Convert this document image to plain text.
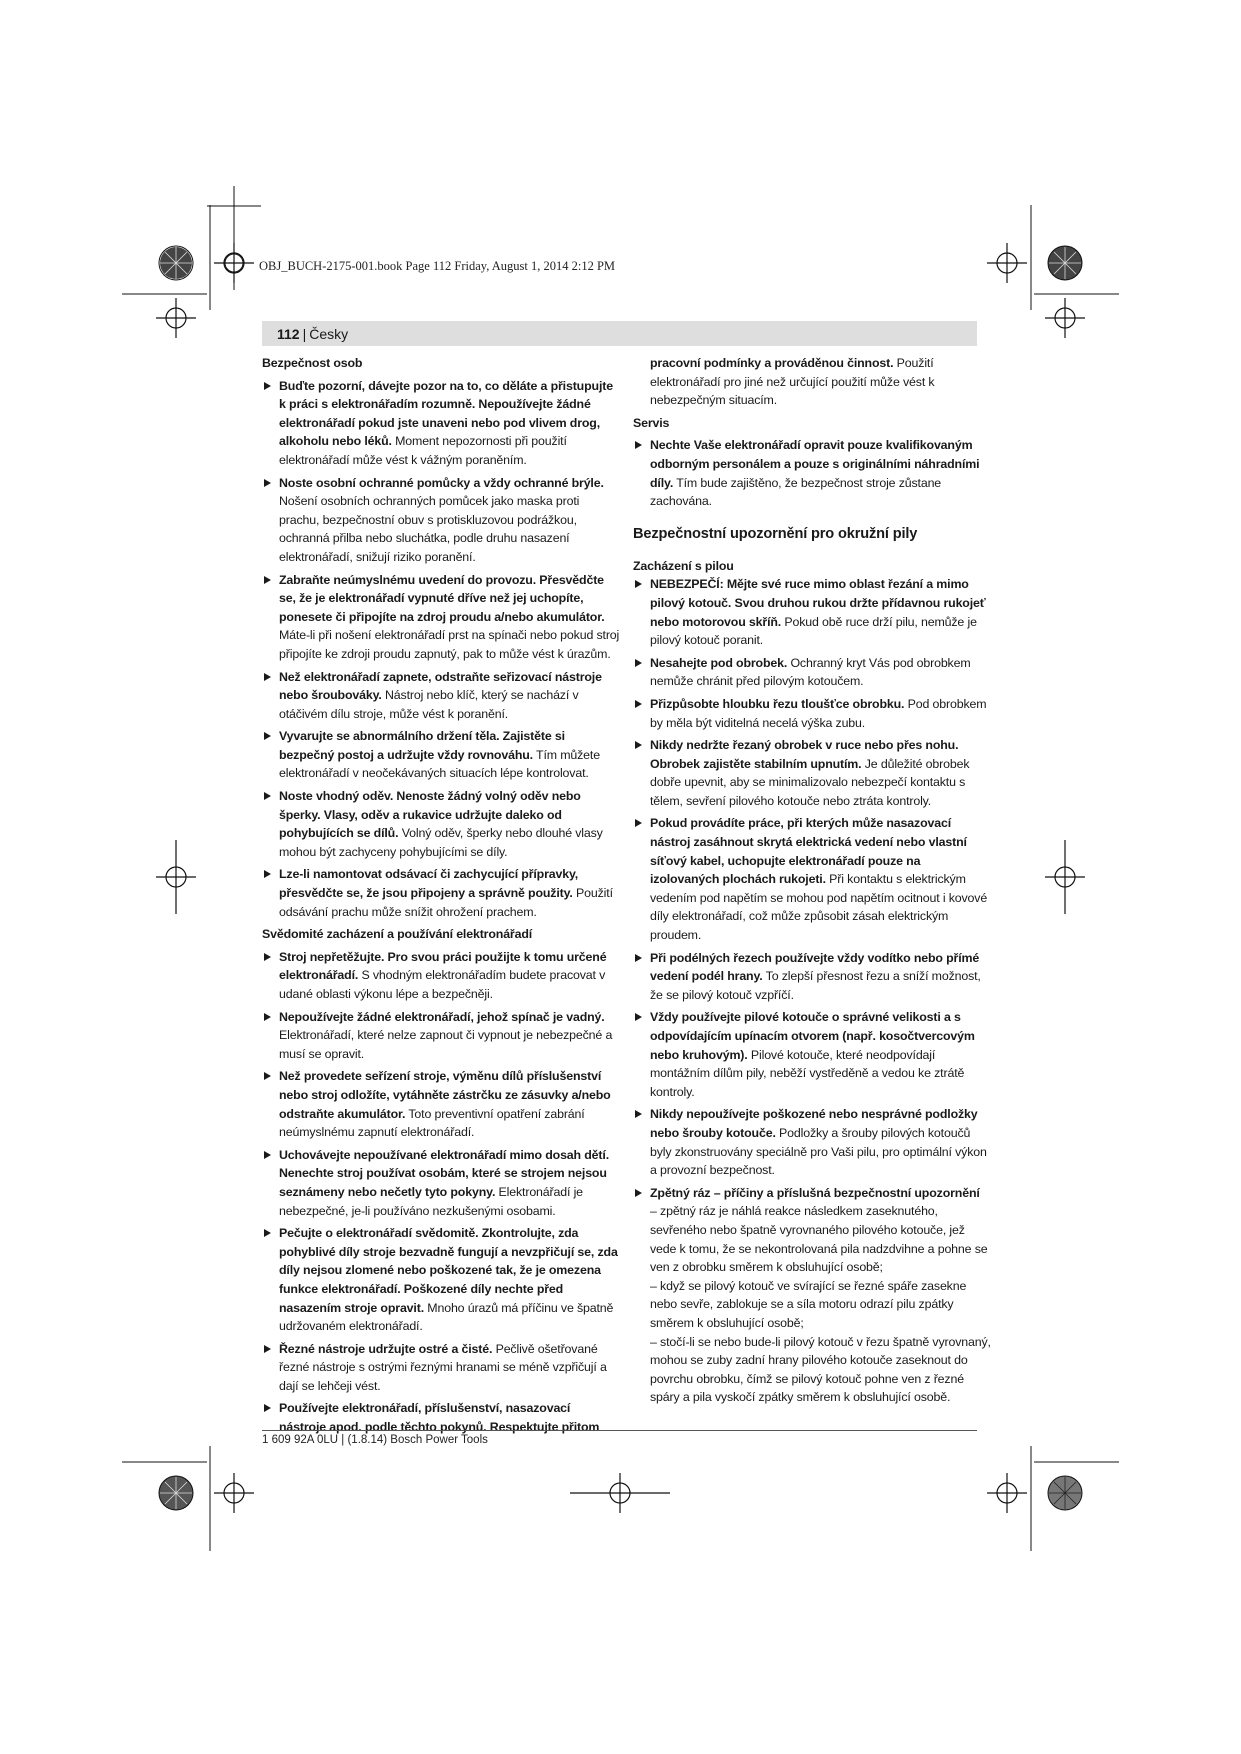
OBJ_BUCH-2175-001.book Page 112 Friday, August 1, 2014 2:12 PM
112 | Česky

Bezpečnost osob

Buďte pozorní, dávejte pozor na to, co děláte a přistupujte k práci s elektronářadím rozumně. Nepoužívejte žádné elektronářadí pokud jste unaveni nebo pod vlivem drog, alkoholu nebo léků. Moment nepozornosti při použití elektronářadí může vést k vážným poraněním.

Noste osobní ochranné pomůcky a vždy ochranné brýle. Nošení osobních ochranných pomůcek jako maska proti prachu, bezpečnostní obuv s protiskluzovou podrážkou, ochranná přilba nebo sluchátka, podle druhu nasazení elektronářadí, snižují riziko poranění.

Zabraňte neúmyslnému uvedení do provozu. Přesvědčte se, že je elektronářadí vypnuté dříve než jej uchopíte, ponesete či připojíte na zdroj proudu a/nebo akumulátor. Máte-li při nošení elektronářadí prst na spínači nebo pokud stroj připojíte ke zdroji proudu zapnutý, pak to může vést k úrazům.

Než elektronářadí zapnete, odstraňte seřizovací nástroje nebo šroubováky. Nástroj nebo klíč, který se nachází v otáčivém dílu stroje, může vést k poranění.

Vyvarujte se abnormálního držení těla. Zajistěte si bezpečný postoj a udržujte vždy rovnováhu. Tím můžete elektronářadí v neočekávaných situacích lépe kontrolovat.

Noste vhodný oděv. Nenoste žádný volný oděv nebo šperky. Vlasy, oděv a rukavice udržujte daleko od pohybujících se dílů. Volný oděv, šperky nebo dlouhé vlasy mohou být zachyceny pohybujícími se díly.

Lze-li namontovat odsávací či zachycující přípravky, přesvědčte se, že jsou připojeny a správně použity. Použití odsávání prachu může snížit ohrožení prachem.

Svědomité zacházení a používání elektronářadí

Stroj nepřetěžujte. Pro svou práci použijte k tomu určené elektronářadí. S vhodným elektronářadím budete pracovat v udané oblasti výkonu lépe a bezpečněji.

Nepoužívejte žádné elektronářadí, jehož spínač je vadný. Elektronářadí, které nelze zapnout či vypnout je nebezpečné a musí se opravit.

Než provedete seřízení stroje, výměnu dílů příslušenství nebo stroj odložíte, vytáhněte zástrčku ze zásuvky a/nebo odstraňte akumulátor. Toto preventivní opatření zabrání neúmyslnému zapnutí elektronářadí.

Uchovávejte nepoužívané elektronářadí mimo dosah dětí. Nenechte stroj používat osobám, které se strojem nejsou seznámeny nebo nečetly tyto pokyny. Elektronářadí je nebezpečné, je-li používáno nezkušenými osobami.

Pečujte o elektronářadí svědomitě. Zkontrolujte, zda pohyblivé díly stroje bezvadně fungují a nevzpřičují se, zda díly nejsou zlomené nebo poškozené tak, že je omezena funkce elektronářadí. Poškozené díly nechte před nasazením stroje opravit. Mnoho úrazů má příčinu ve špatně udržovaném elektronářadí.

Řezné nástroje udržujte ostré a čisté. Pečlivě ošetřované řezné nástroje s ostrými řeznými hranami se méně vzpřičují a dají se lehčeji vést.

Používejte elektronářadí, příslušenství, nasazovací nástroje apod. podle těchto pokynů. Respektujte přitom

pracovní podmínky a prováděnou činnost. Použití elektronářadí pro jiné než určující použití může vést k nebezpečným situacím.

Servis

Nechte Vaše elektronářadí opravit pouze kvalifikovaným odborným personálem a pouze s originálními náhradními díly. Tím bude zajištěno, že bezpečnost stroje zůstane zachována.

Bezpečnostní upozornění pro okružní pily

Zacházení s pilou

NEBEZPEČÍ: Mějte své ruce mimo oblast řezání a mimo pilový kotouč. Svou druhou rukou držte přídavnou rukojeť nebo motorovou skříň. Pokud obě ruce drží pilu, nemůže je pilový kotouč poranit.

Nesahejte pod obrobek. Ochranný kryt Vás pod obrobkem nemůže chránit před pilovým kotoučem.

Přizpůsobte hloubku řezu tloušťce obrobku. Pod obrobkem by měla být viditelná necelá výška zubu.

Nikdy nedržte řezaný obrobek v ruce nebo přes nohu. Obrobek zajistěte stabilním upnutím. Je důležité obrobek dobře upevnit, aby se minimalizovalo nebezpečí kontaktu s tělem, sevření pilového kotouče nebo ztráta kontroly.

Pokud provádíte práce, při kterých může nasazovací nástroj zasáhnout skrytá elektrická vedení nebo vlastní síťový kabel, uchopujte elektronářadí pouze na izolovaných plochách rukojeti. Při kontaktu s elektrickým vedením pod napětím se mohou pod napětím ocitnout i kovové díly elektronářadí, což může způsobit zásah elektrickým proudem.

Při podélných řezech používejte vždy vodítko nebo přímé vedení podél hrany. To zlepší přesnost řezu a sníží možnost, že se pilový kotouč vzpříčí.

Vždy používejte pilové kotouče o správné velikosti a s odpovídajícím upínacím otvorem (např. kosočtvercovým nebo kruhovým). Pilové kotouče, které neodpovídají montážním dílům pily, neběží vystředěně a vedou ke ztrátě kontroly.

Nikdy nepoužívejte poškozené nebo nesprávné podložky nebo šrouby kotouče. Podložky a šrouby pilových kotoučů byly zkonstruovány speciálně pro Vaši pilu, pro optimální výkon a provozní bezpečnost.

Zpětný ráz – příčiny a příslušná bezpečnostní upozornění

– zpětný ráz je náhlá reakce následkem zaseknutého, sevřeného nebo špatně vyrovnaného pilového kotouče, jež vede k tomu, že se nekontrolovaná pila nadzdvihne a pohne se ven z obrobku směrem k obsluhující osobě;

– když se pilový kotouč ve svírající se řezné spáře zasekne nebo sevře, zablokuje se a síla motoru odrazí pilu zpátky směrem k obsluhující osobě;

– stočí-li se nebo bude-li pilový kotouč v řezu špatně vyrovnaný, mohou se zuby zadní hrany pilového kotouče zaseknout do povrchu obrobku, čímž se pilový kotouč pohne ven z řezné spáry a pila vyskočí zpátky směrem k obsluhující osobě.

1 609 92A 0LU | (1.8.14) Bosch Power Tools
